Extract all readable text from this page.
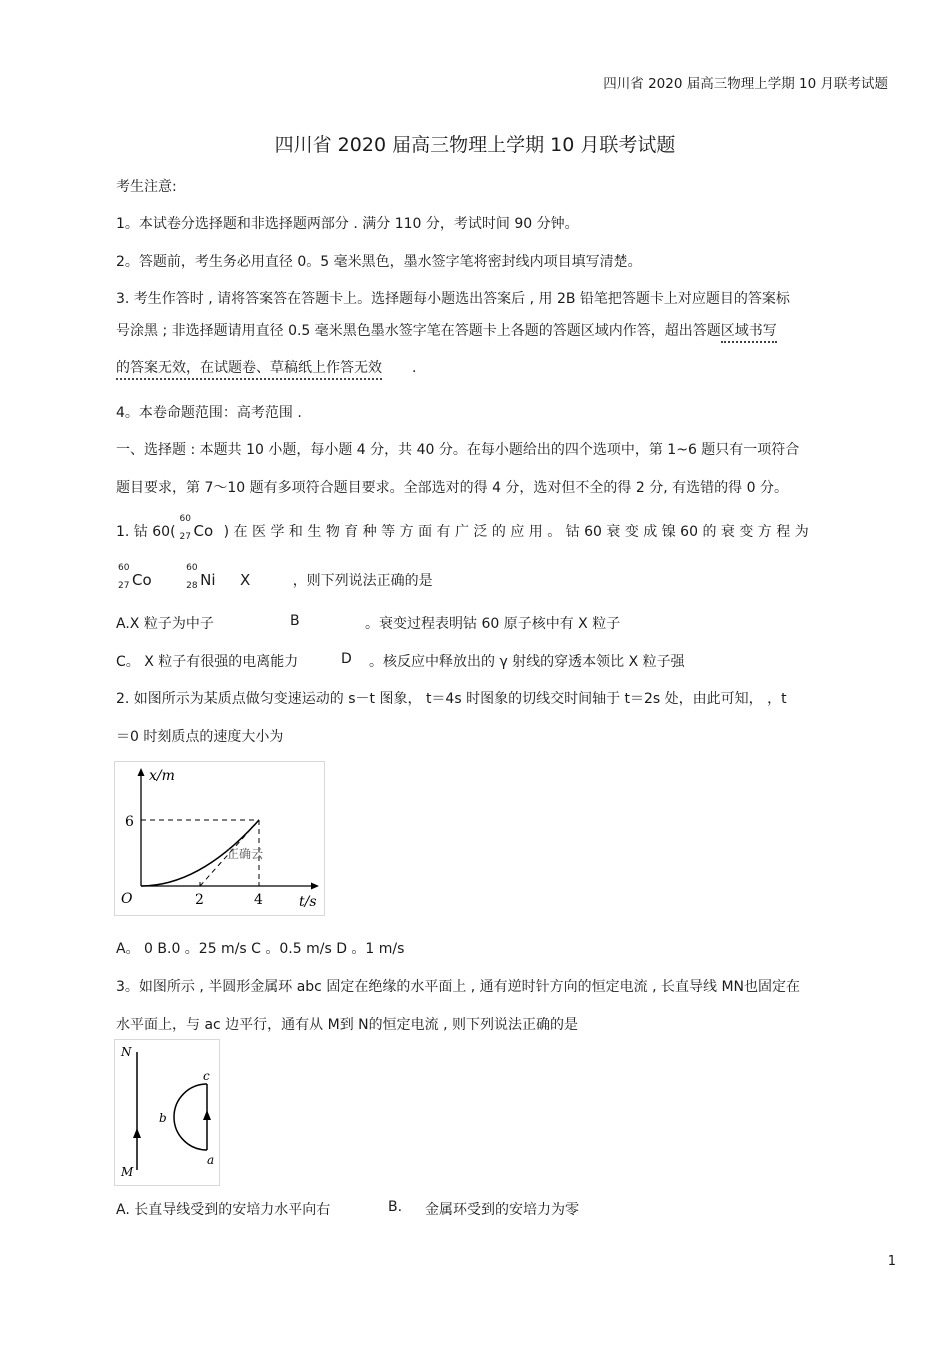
四川省 2020 届高三物理上学期 10 月联考试题
四川省 2020 届高三物理上学期 10 月联考试题
考生注意:
1。本试卷分选择题和非选择题两部分 . 满分 110 分，考试时间 90 分钟。
2。答题前，考生务必用直径 0。5 毫米黑色，墨水签字笔将密封线内项目填写清楚。
3. 考生作答时 , 请将答案答在答题卡上。选择题每小题选出答案后 , 用 2B 铅笔把答题卡上对应题目的答案标
号涂黑 ; 非选择题请用直径 0.5 毫米黑色墨水签字笔在答题卡上各题的答题区域内作答，超出答题区域书写
的答案无效，在试题卷、草稿纸上作答无效 .
4。本卷命题范围：高考范围 .
一、选择题 : 本题共 10 小题，每小题 4 分，共 40 分。在每小题给出的四个选项中，第 1~6 题只有一项符合
题目要求，第 7～10 题有多项符合题目要求。全部选对的得 4 分，选对但不全的得 2 分, 有选错的得 0 分。
1. 钴 60(
60
27 Co ) 在 医 学 和 生 物 育 种 等 方 面 有 广 泛 的 应 用 。 钴 60 衰 变 成 镍 60 的 衰 变 方 程 为
60
27 Co
60
28 Ni X	，则下列说法正确的是
A.X 粒子为中子	B	。衰变过程表明钴 60 原子核中有 X 粒子
C。 X 粒子有很强的电离能力	D 。核反应中释放出的 γ 射线的穿透本领比 X 粒子强
2. 如图所示为某质点做匀变速运动的 s－t 图象， t＝4s 时图象的切线交时间轴于 t＝2s 处，由此可知， ，t
＝0 时刻质点的速度大小为
x/m
t/s
O
6
2	4
正确云
A。 0 B.0 。25 m/s C 。0.5 m/s D 。1 m/s
3。如图所示 , 半圆形金属环 abc 固定在绝缘的水平面上 , 通有逆时针方向的恒定电流 , 长直导线 MN也固定在
水平面上，与 ac 边平行，通有从 M到 N的恒定电流 , 则下列说法正确的是
N
M
c
b
a
A. 长直导线受到的安培力水平向右	B. 金属环受到的安培力为零
1
